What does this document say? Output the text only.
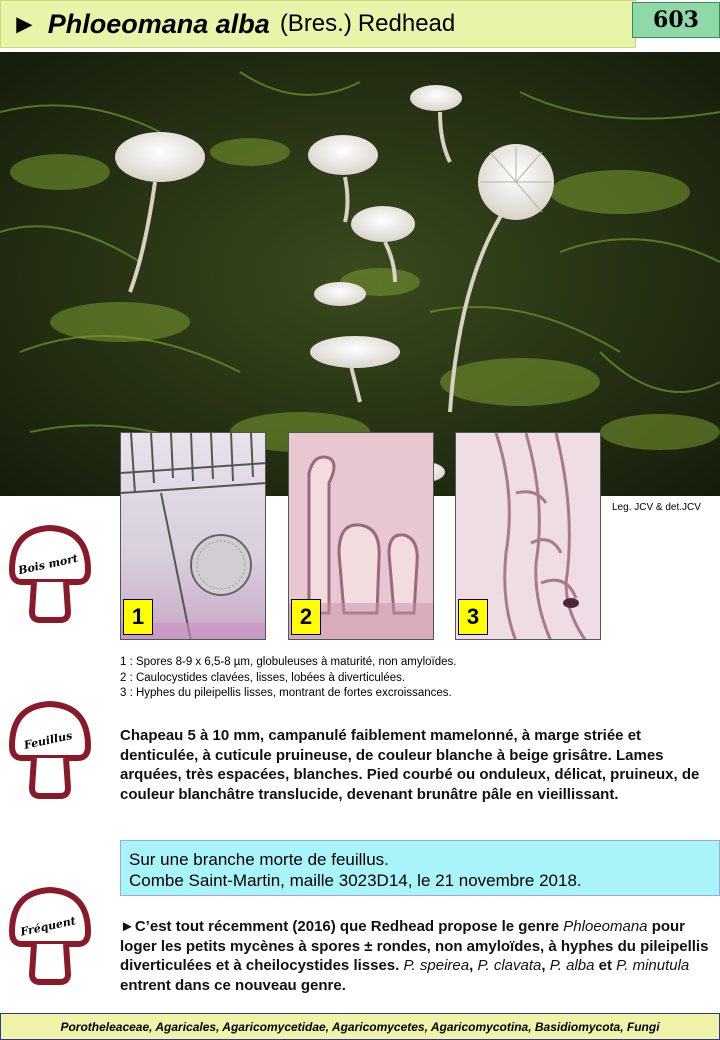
► Phloeomana alba (Bres.) Redhead	603
1	2	3
Leg. JCV & det.JCV
Bois mort
Feuillus
Fréquent
1 : Spores 8-9 x 6,5-8 µm, globuleuses à maturité, non amyloïdes.
2 : Caulocystides clavées, lisses, lobées à diverticulées.
3 : Hyphes du pileipellis lisses, montrant de fortes excroissances.
Chapeau 5 à 10 mm, campanulé faiblement mamelonné, à marge striée et denticulée, à cuticule pruineuse, de couleur blanche à beige grisâtre. Lames arquées, très espacées, blanches. Pied courbé ou onduleux, délicat, pruineux, de couleur blanchâtre translucide, devenant brunâtre pâle en vieillissant.
Sur une branche morte de feuillus.
Combe Saint-Martin, maille 3023D14, le 21 novembre 2018.
►C’est tout récemment (2016) que Redhead propose le genre Phloeomana pour loger les petits mycènes à spores ± rondes, non amyloïdes, à hyphes du pileipellis diverticulées et à cheilocystides lisses. P. speirea, P. clavata, P. alba et P. minutula entrent dans ce nouveau genre.
Porotheleaceae, Agaricales, Agaricomycetidae, Agaricomycetes, Agaricomycotina, Basidiomycota, Fungi
